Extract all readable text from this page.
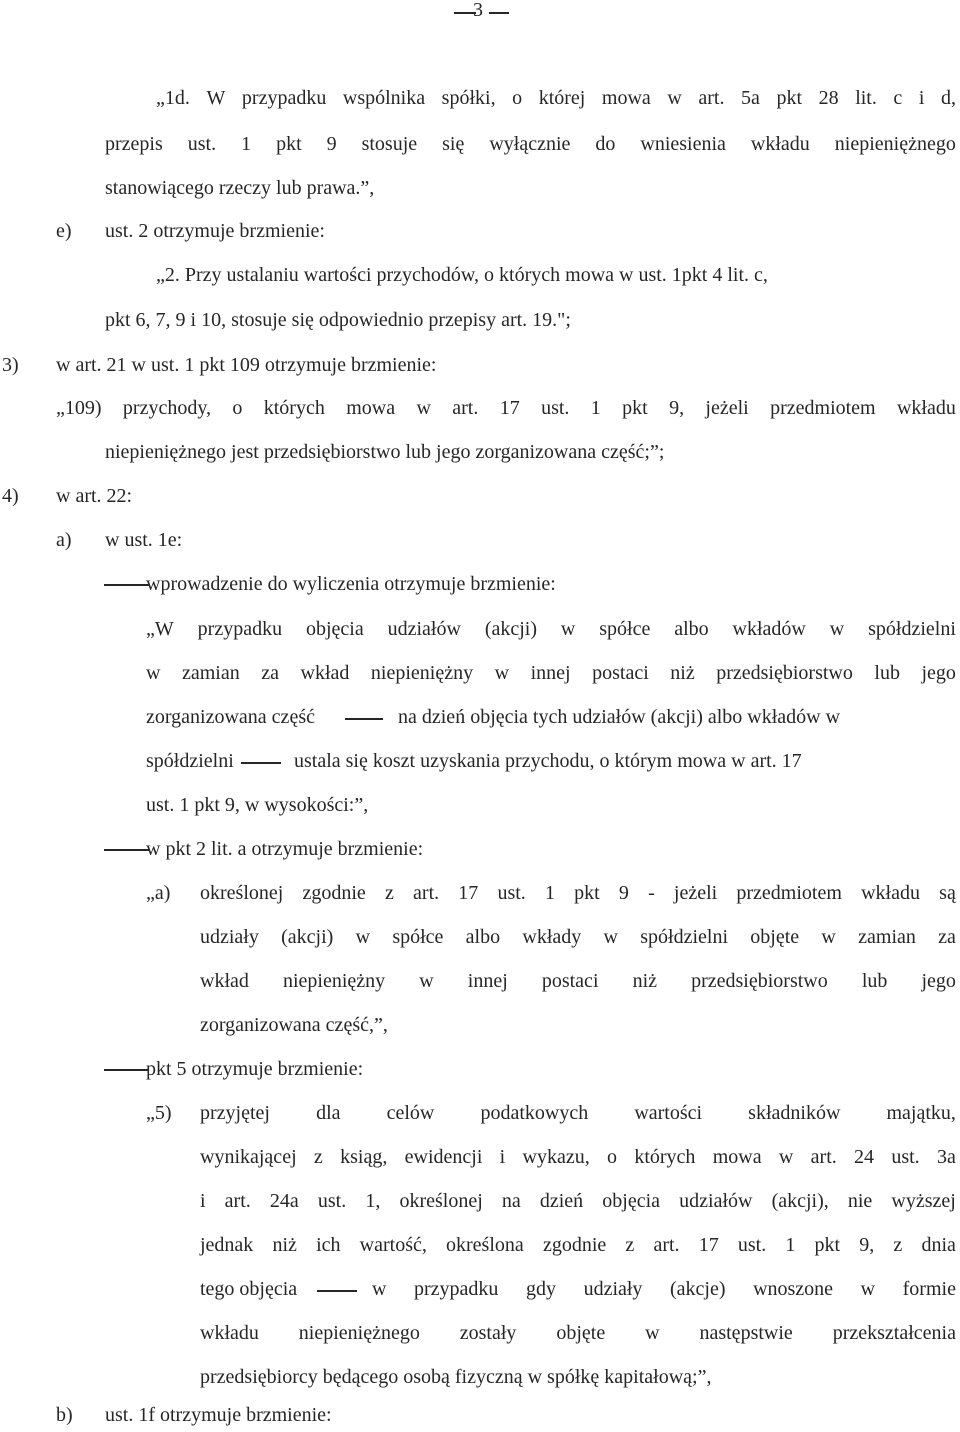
3
„1d. W przypadku wspólnika spółki, o której mowa w art. 5a pkt 28 lit. c i d,
przepis ust. 1 pkt 9 stosuje się wyłącznie do wniesienia wkładu niepieniężnego
stanowiącego rzeczy lub prawa.”,
e) ust. 2 otrzymuje brzmienie:
„2. Przy ustalaniu wartości przychodów, o których mowa w ust. 1pkt 4 lit. c,
pkt 6, 7, 9 i 10, stosuje się odpowiednio przepisy art. 19.";
3) w art. 21 w ust. 1 pkt 109 otrzymuje brzmienie:
„109) przychody, o których mowa w art. 17 ust. 1 pkt 9, jeżeli przedmiotem wkładu
niepieniężnego jest przedsiębiorstwo lub jego zorganizowana część;”;
4) w art. 22:
a) w ust. 1e:
wprowadzenie do wyliczenia otrzymuje brzmienie:
„W przypadku objęcia udziałów (akcji) w spółce albo wkładów w spółdzielni
w zamian za wkład niepieniężny w innej postaci niż przedsiębiorstwo lub jego
zorganizowana część	na dzień objęcia tych udziałów (akcji) albo wkładów w
spółdzielni	ustala się koszt uzyskania przychodu, o którym mowa w art. 17
ust. 1 pkt 9, w wysokości:”,
w pkt 2 lit. a otrzymuje brzmienie:
„a) określonej zgodnie z art. 17 ust. 1 pkt 9 - jeżeli przedmiotem wkładu są
udziały (akcji) w spółce albo wkłady w spółdzielni objęte w zamian za
wkład niepieniężny w innej postaci niż przedsiębiorstwo lub jego
zorganizowana część,”,
pkt 5 otrzymuje brzmienie:
„5) przyjętej dla celów podatkowych wartości składników majątku,
wynikającej z ksiąg, ewidencji i wykazu, o których mowa w art. 24 ust. 3a
i art. 24a ust. 1, określonej na dzień objęcia udziałów (akcji), nie wyższej
jednak niż ich wartość, określona zgodnie z art. 17 ust. 1 pkt 9, z dnia
tego objęcia	w przypadku gdy udziały (akcje) wnoszone w formie
wkładu niepieniężnego zostały objęte w następstwie przekształcenia
przedsiębiorcy będącego osobą fizyczną w spółkę kapitałową;”,
b) ust. 1f otrzymuje brzmienie:
